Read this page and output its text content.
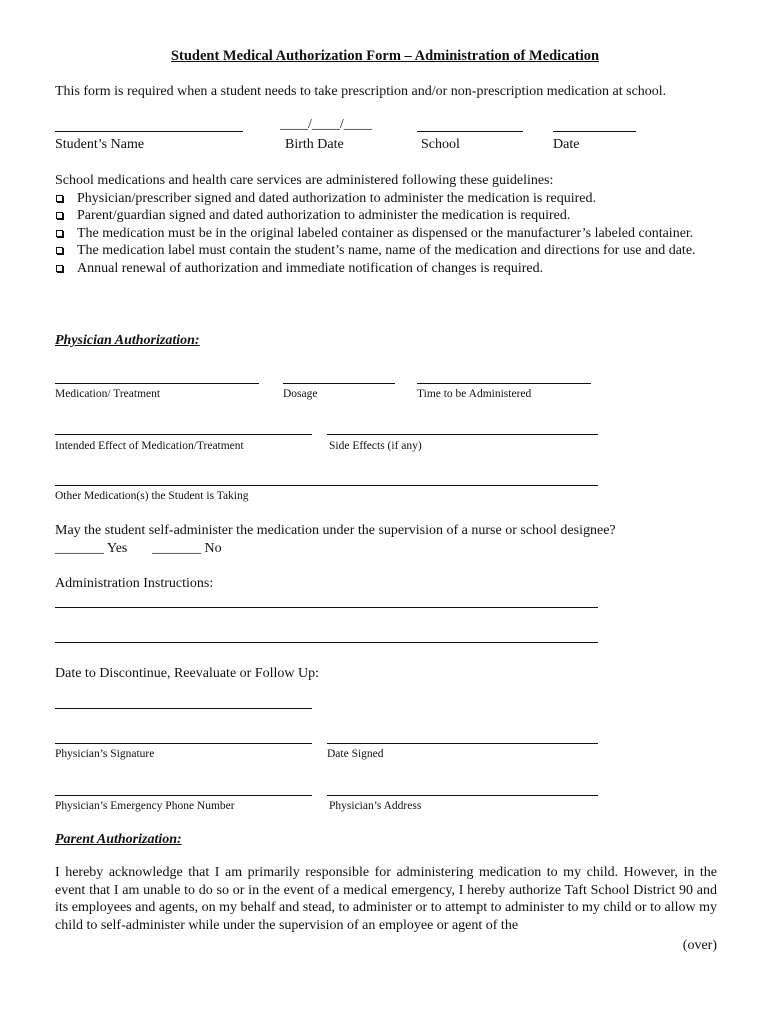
Student Medical Authorization Form – Administration of Medication
This form is required when a student needs to take prescription and/or non-prescription medication at school.
____/____/____
Student’s Name	Birth Date	School	Date
School medications and health care services are administered following these guidelines:
Physician/prescriber signed and dated authorization to administer the medication is required.
Parent/guardian signed and dated authorization to administer the medication is required.
The medication must be in the original labeled container as dispensed or the manufacturer’s labeled container.
The medication label must contain the student’s name, name of the medication and directions for use and date.
Annual renewal of authorization and immediate notification of changes is required.
Physician Authorization:
Medication/ Treatment	Dosage	Time to be Administered
Intended Effect of Medication/Treatment	Side Effects (if any)
Other Medication(s) the Student is Taking
May the student self-administer the medication under the supervision of a nurse or school designee?
_______ Yes _______ No
Administration Instructions:
Date to Discontinue, Reevaluate or Follow Up:
Physician’s Signature	Date Signed
Physician’s Emergency Phone Number	Physician’s Address
Parent Authorization:
I hereby acknowledge that I am primarily responsible for administering medication to my child. However, in the event that I am unable to do so or in the event of a medical emergency, I hereby authorize Taft School District 90 and its employees and agents, on my behalf and stead, to administer or to attempt to administer to my child or to allow my child to self-administer while under the supervision of an employee or agent of the
(over)
